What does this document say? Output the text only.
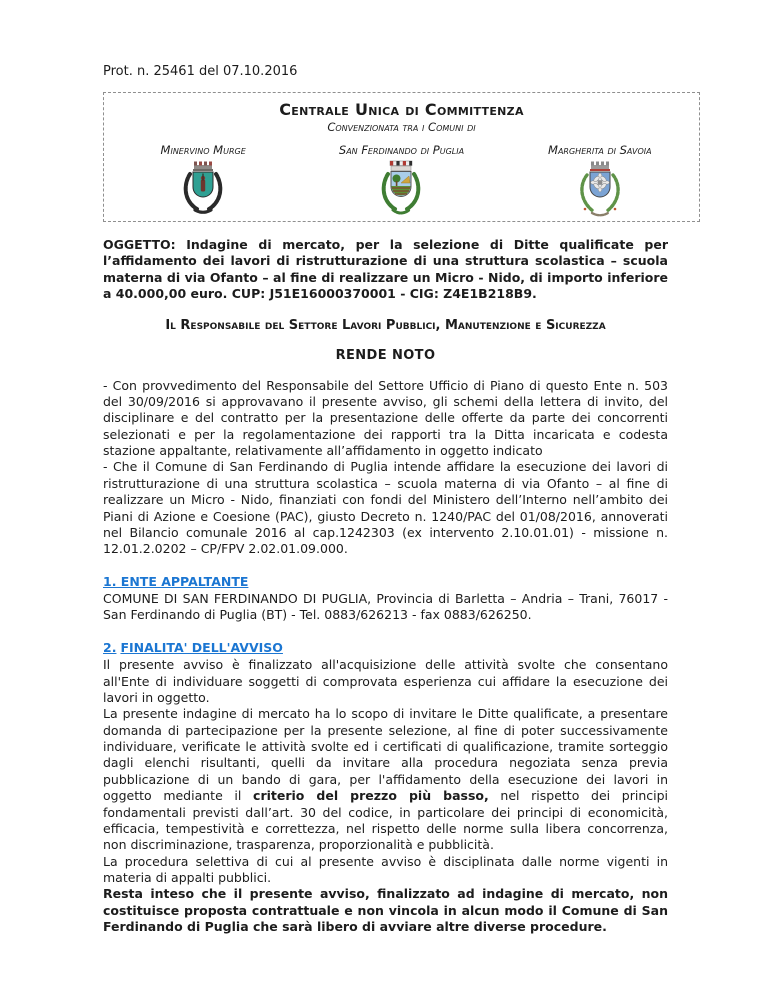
Prot. n. 25461 del 07.10.2016
Centrale Unica di Committenza
Convenzionata tra i Comuni di
Minervino Murge	San Ferdinando di Puglia	Margherita di Savoia
OGGETTO: Indagine di mercato, per la selezione di Ditte qualificate per l’affidamento dei lavori di ristrutturazione di una struttura scolastica – scuola materna di via Ofanto – al fine di realizzare un Micro - Nido, di importo inferiore a 40.000,00 euro. CUP: J51E16000370001 - CIG: Z4E1B218B9.
Il Responsabile del Settore Lavori Pubblici, Manutenzione e Sicurezza
RENDE NOTO

- Con provvedimento del Responsabile del Settore Ufficio di Piano di questo Ente n. 503 del 30/09/2016 si approvavano il presente avviso, gli schemi della lettera di invito, del disciplinare e del contratto per la presentazione delle offerte da parte dei concorrenti selezionati e per la regolamentazione dei rapporti tra la Ditta incaricata e codesta stazione appaltante, relativamente all’affidamento in oggetto indicato

- Che il Comune di San Ferdinando di Puglia intende affidare la esecuzione dei lavori di ristrutturazione di una struttura scolastica – scuola materna di via Ofanto – al fine di realizzare un Micro - Nido, finanziati con fondi del Ministero dell’Interno nell’ambito dei Piani di Azione e Coesione (PAC), giusto Decreto n. 1240/PAC del 01/08/2016, annoverati nel Bilancio comunale 2016 al cap.1242303 (ex intervento 2.10.01.01) - missione n. 12.01.2.0202 – CP/FPV 2.02.01.09.000.

1. ENTE APPALTANTE

COMUNE DI SAN FERDINANDO DI PUGLIA, Provincia di Barletta – Andria – Trani, 76017 - San Ferdinando di Puglia (BT) - Tel. 0883/626213 - fax 0883/626250.

2. FINALITA' DELL'AVVISO

Il presente avviso è finalizzato all'acquisizione delle attività svolte che consentano all'Ente di individuare soggetti di comprovata esperienza cui affidare la esecuzione dei lavori in oggetto.

La presente indagine di mercato ha lo scopo di invitare le Ditte qualificate, a presentare domanda di partecipazione per la presente selezione, al fine di poter successivamente individuare, verificate le attività svolte ed i certificati di qualificazione, tramite sorteggio dagli elenchi risultanti, quelli da invitare alla procedura negoziata senza previa pubblicazione di un bando di gara, per l'affidamento della esecuzione dei lavori in oggetto mediante il criterio del prezzo più basso, nel rispetto dei principi fondamentali previsti dall’art. 30 del codice, in particolare dei principi di economicità, efficacia, tempestività e correttezza, nel rispetto delle norme sulla libera concorrenza, non discriminazione, trasparenza, proporzionalità e pubblicità.

La procedura selettiva di cui al presente avviso è disciplinata dalle norme vigenti in materia di appalti pubblici.

Resta inteso che il presente avviso, finalizzato ad indagine di mercato, non costituisce proposta contrattuale e non vincola in alcun modo il Comune di San Ferdinando di Puglia che sarà libero di avviare altre diverse procedure.
